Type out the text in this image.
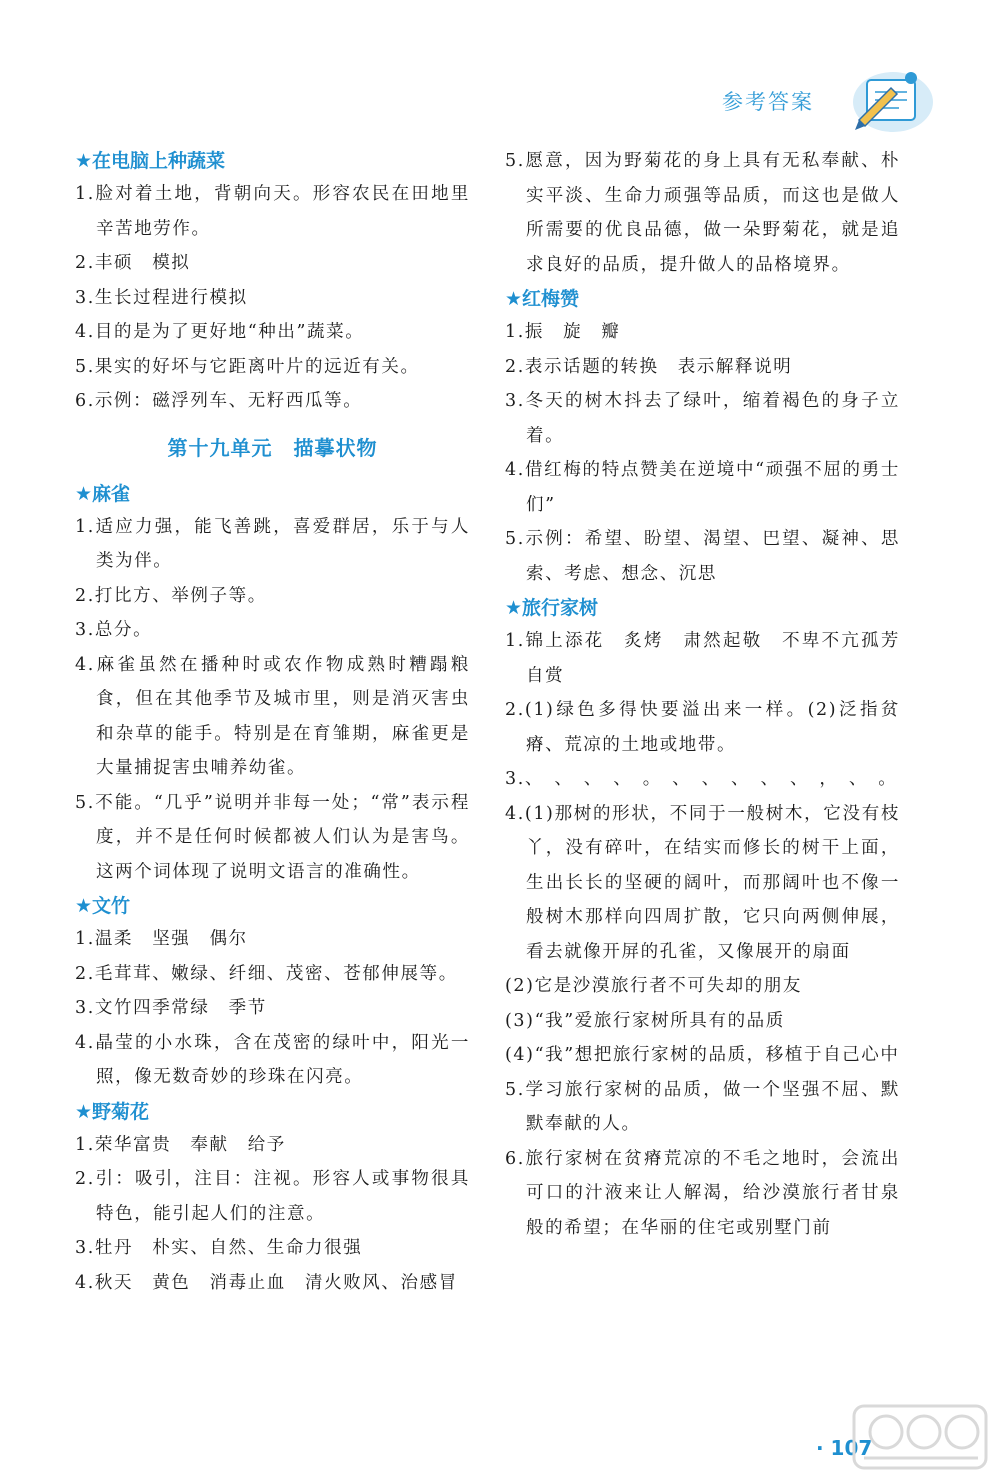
参考答案
★在电脑上种蔬菜
1.脸对着土地，背朝向天。形容农民在田地里辛苦地劳作。
2.丰硕　模拟
3.生长过程进行模拟
4.目的是为了更好地“种出”蔬菜。
5.果实的好坏与它距离叶片的远近有关。
6.示例：磁浮列车、无籽西瓜等。
第十九单元　描摹状物
★麻雀
1.适应力强，能飞善跳，喜爱群居，乐于与人类为伴。
2.打比方、举例子等。
3.总分。
4.麻雀虽然在播种时或农作物成熟时糟蹋粮食，但在其他季节及城市里，则是消灭害虫和杂草的能手。特别是在育雏期，麻雀更是大量捕捉害虫哺养幼雀。
5.不能。“几乎”说明并非每一处；“常”表示程度，并不是任何时候都被人们认为是害鸟。这两个词体现了说明文语言的准确性。
★文竹
1.温柔　坚强　偶尔
2.毛茸茸、嫩绿、纤细、茂密、苍郁伸展等。
3.文竹四季常绿　季节
4.晶莹的小水珠，含在茂密的绿叶中，阳光一照，像无数奇妙的珍珠在闪亮。
★野菊花
1.荣华富贵　奉献　给予
2.引：吸引，注目：注视。形容人或事物很具特色，能引起人们的注意。
3.牡丹　朴实、自然、生命力很强
4.秋天　黄色　消毒止血　清火败风、治感冒
5.愿意，因为野菊花的身上具有无私奉献、朴实平淡、生命力顽强等品质，而这也是做人所需要的优良品德，做一朵野菊花，就是追求良好的品质，提升做人的品格境界。
★红梅赞
1.振　旋　瓣
2.表示话题的转换　表示解释说明
3.冬天的树木抖去了绿叶，缩着褐色的身子立着。
4.借红梅的特点赞美在逆境中“顽强不屈的勇士们”
5.示例：希望、盼望、渴望、巴望、凝神、思索、考虑、想念、沉思
★旅行家树
1.锦上添花　炙烤　肃然起敬　不卑不亢孤芳自赏
2.(1)绿色多得快要溢出来一样。(2)泛指贫瘠、荒凉的土地或地带。
3.、　、　、　、　。　、　、　、　、　、　，　、　。
4.(1)那树的形状，不同于一般树木，它没有枝丫，没有碎叶，在结实而修长的树干上面，生出长长的坚硬的阔叶，而那阔叶也不像一般树木那样向四周扩散，它只向两侧伸展，看去就像开屏的孔雀，又像展开的扇面
(2)它是沙漠旅行者不可失却的朋友
(3)“我”爱旅行家树所具有的品质
(4)“我”想把旅行家树的品质，移植于自己心中
5.学习旅行家树的品质，做一个坚强不屈、默默奉献的人。
6.旅行家树在贫瘠荒凉的不毛之地时，会流出可口的汁液来让人解渴，给沙漠旅行者甘泉般的希望；在华丽的住宅或别墅门前
· 107
